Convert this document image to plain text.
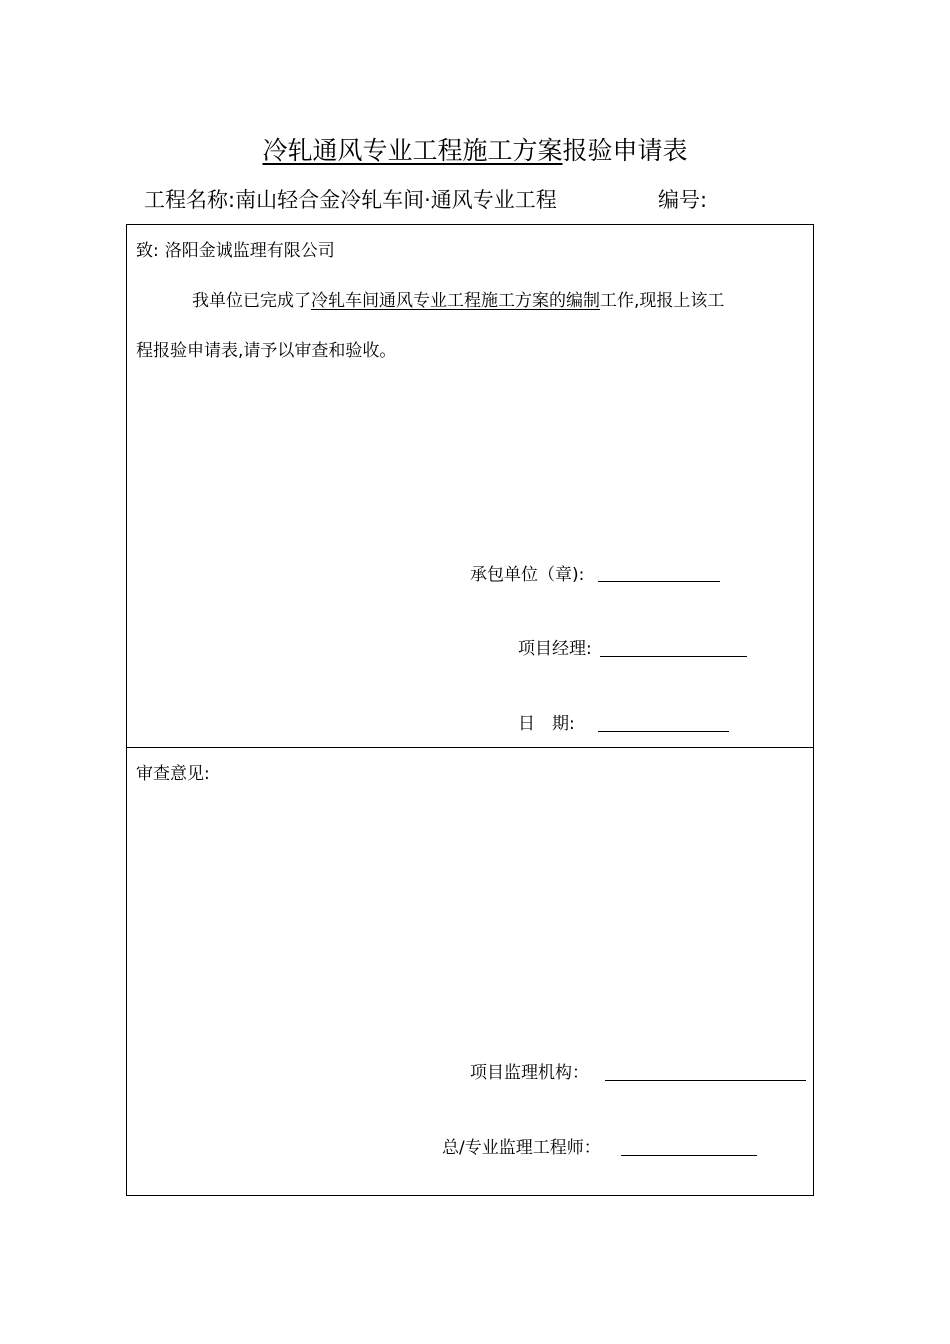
冷轧通风专业工程施工方案报验申请表
工程名称:南山轻合金冷轧车间·通风专业工程	编号:
致: 洛阳金诚监理有限公司
我单位已完成了冷轧车间通风专业工程施工方案的编制工作,现报上该工
程报验申请表,请予以审查和验收。
承包单位（章):
项目经理:
日　期:
审查意见:
项目监理机构：
总/专业监理工程师：
